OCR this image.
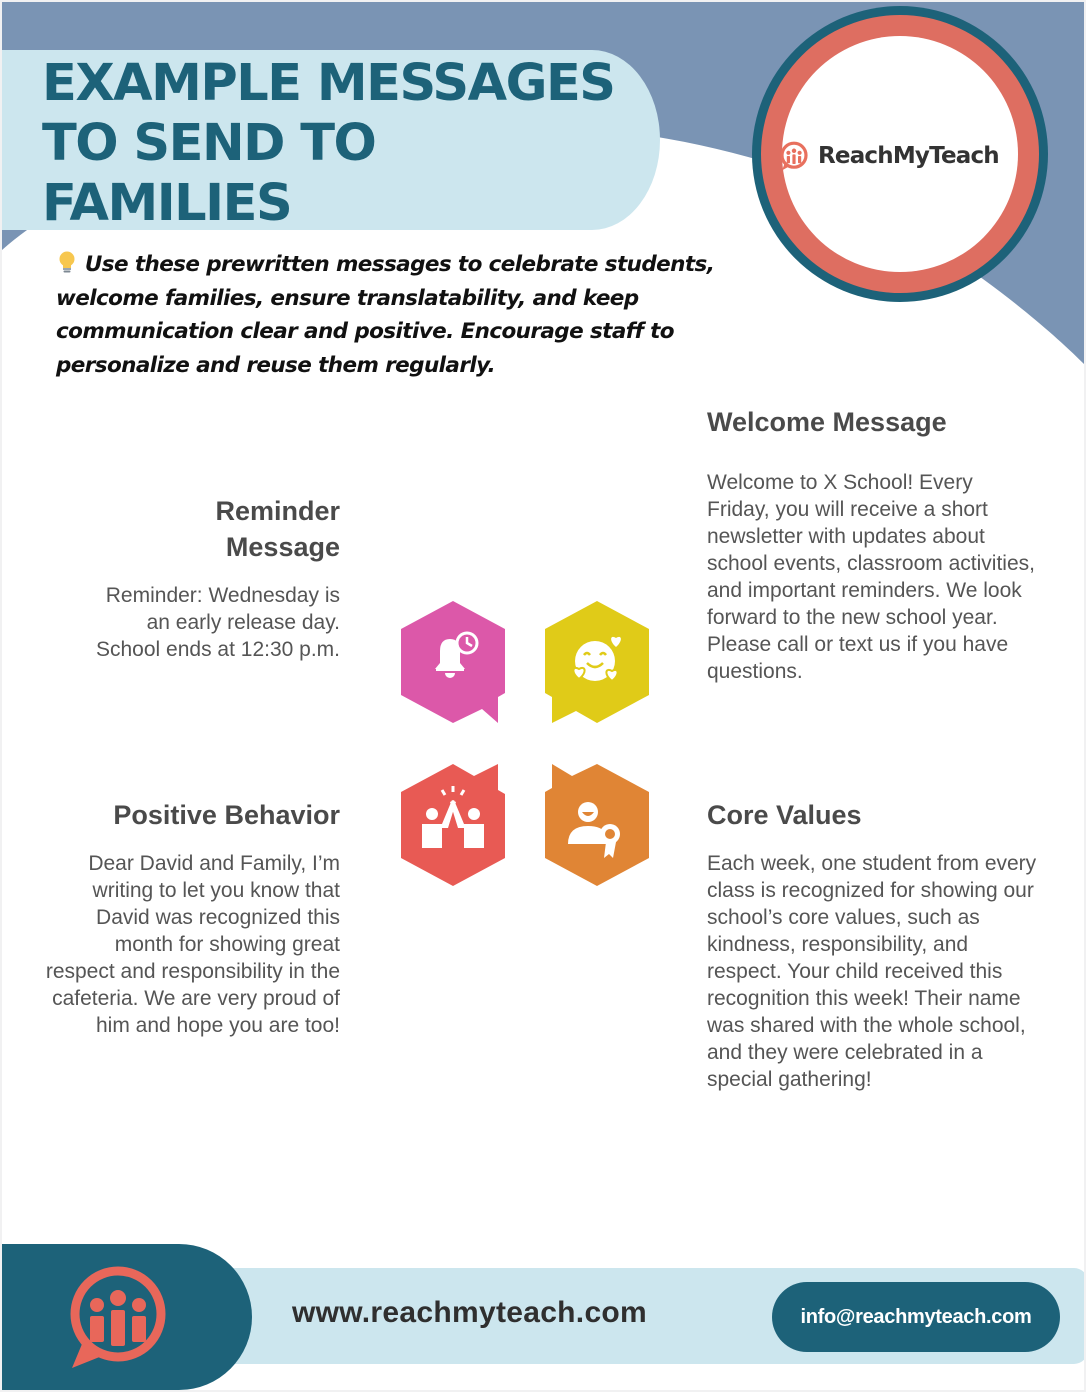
EXAMPLE MESSAGES
TO SEND TO
FAMILIES
ReachMyTeach

Use these prewritten messages to celebrate students, welcome families, ensure translatability, and keep communication clear and positive. Encourage staff to personalize and reuse them regularly.

Welcome Message

Welcome to X School! Every Friday, you will receive a short newsletter with updates about school events, classroom activities, and important reminders. We look forward to the new school year. Please call or text us if you have questions.

Reminder Message

Reminder: Wednesday is an early release day. School ends at 12:30 p.m.

Positive Behavior

Dear David and Family, I’m writing to let you know that David was recognized this month for showing great respect and responsibility in the cafeteria. We are very proud of him and hope you are too!

Core Values

Each week, one student from every class is recognized for showing our school’s core values, such as kindness, responsibility, and respect. Your child received this recognition this week! Their name was shared with the whole school, and they were celebrated in a special gathering!

www.reachmyteach.com	info@reachmyteach.com
